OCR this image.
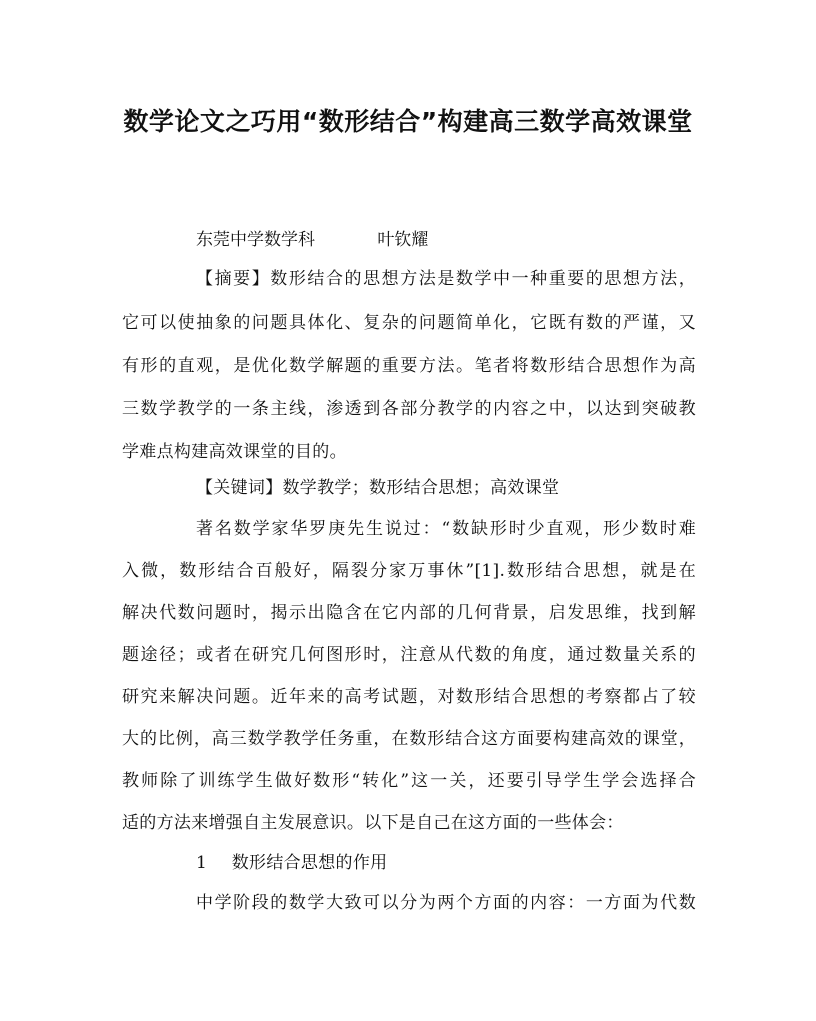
数学论文之巧用“数形结合”构建高三数学高效课堂
东莞中学数学科	叶钦耀
【摘要】数形结合的思想方法是数学中一种重要的思想方法，
它可以使抽象的问题具体化、复杂的问题简单化，它既有数的严谨，又
有形的直观，是优化数学解题的重要方法。笔者将数形结合思想作为高
三数学教学的一条主线，渗透到各部分教学的内容之中，以达到突破教
学难点构建高效课堂的目的。
【关键词】数学教学；数形结合思想；高效课堂
著名数学家华罗庚先生说过：“数缺形时少直观，形少数时难
入微，数形结合百般好，隔裂分家万事休”[1].数形结合思想，就是在
解决代数问题时，揭示出隐含在它内部的几何背景，启发思维，找到解
题途径；或者在研究几何图形时，注意从代数的角度，通过数量关系的
研究来解决问题。近年来的高考试题，对数形结合思想的考察都占了较
大的比例，高三数学教学任务重，在数形结合这方面要构建高效的课堂，
教师除了训练学生做好数形“转化”这一关，还要引导学生学会选择合
适的方法来增强自主发展意识。以下是自己在这方面的一些体会：
1 数形结合思想的作用
中学阶段的数学大致可以分为两个方面的内容：一方面为代数
